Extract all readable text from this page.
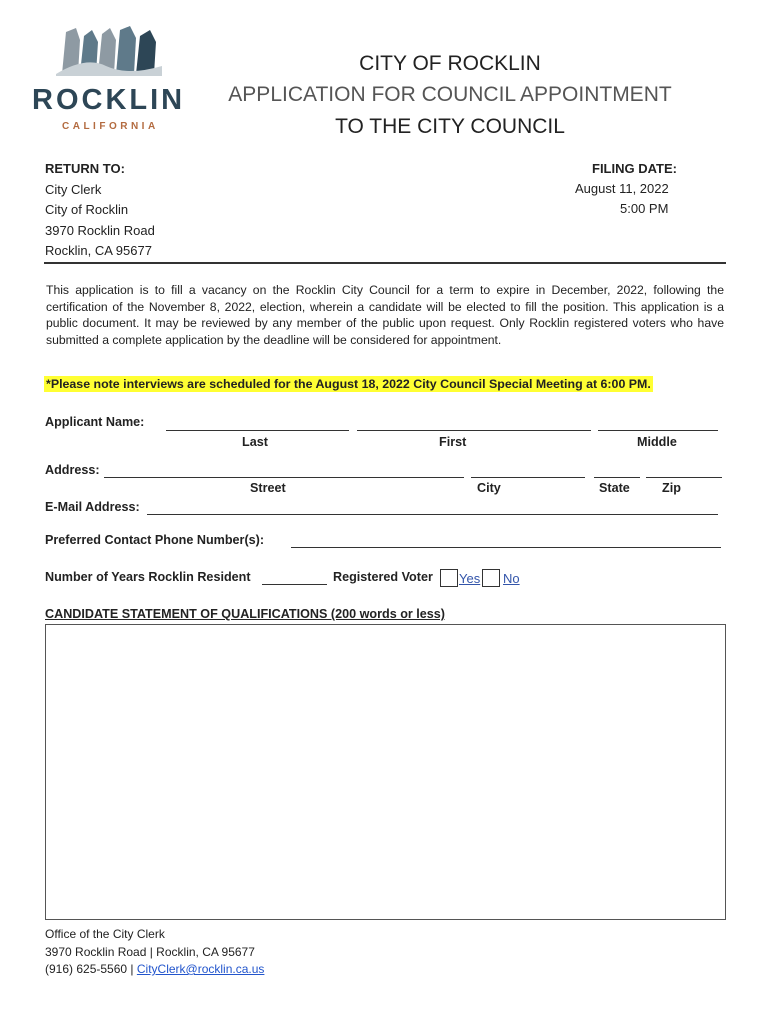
ROCKLIN
CALIFORNIA
CITY OF ROCKLIN
APPLICATION FOR COUNCIL APPOINTMENT
TO THE CITY COUNCIL
RETURN TO:
City Clerk
City of Rocklin
3970 Rocklin Road
Rocklin, CA 95677
FILING DATE:
August 11, 2022
5:00 PM
This application is to fill a vacancy on the Rocklin City Council for a term to expire in December, 2022, following the certification of the November 8, 2022, election, wherein a candidate will be elected to fill the position. This application is a public document. It may be reviewed by any member of the public upon request. Only Rocklin registered voters who have submitted a complete application by the deadline will be considered for appointment.
*Please note interviews are scheduled for the August 18, 2022 City Council Special Meeting at 6:00 PM.
Applicant Name:
Last	First	Middle
Address:
Street	City	State	Zip
E-Mail Address:
Preferred Contact Phone Number(s):
Number of Years Rocklin Resident	Registered Voter Yes No
CANDIDATE STATEMENT OF QUALIFICATIONS (200 words or less)
Office of the City Clerk
3970 Rocklin Road | Rocklin, CA 95677
(916) 625-5560 | CityClerk@rocklin.ca.us
